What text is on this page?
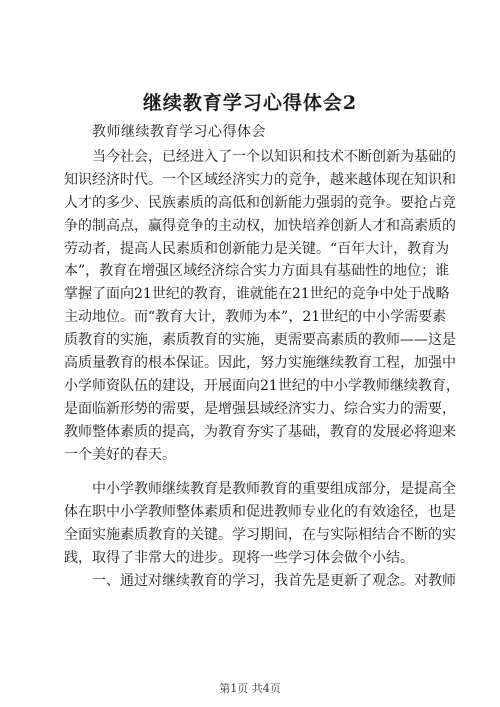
继续教育学习心得体会2
教师继续教育学习心得体会
　　当今社会，已经进入了一个以知识和技术不断创新为基础的
知识经济时代。一个区域经济实力的竞争，越来越体现在知识和
人才的多少、民族素质的高低和创新能力强弱的竞争。要抢占竞
争的制高点，赢得竞争的主动权，加快培养创新人才和高素质的
劳动者，提高人民素质和创新能力是关键。“百年大计，教育为
本”，教育在增强区域经济综合实力方面具有基础性的地位；谁
掌握了面向21世纪的教育，谁就能在21世纪的竞争中处于战略
主动地位。而“教育大计，教师为本”，21世纪的中小学需要素
质教育的实施，素质教育的实施，更需要高素质的教师——这是
高质量教育的根本保证。因此，努力实施继续教育工程，加强中
小学师资队伍的建设，开展面向21世纪的中小学教师继续教育，
是面临新形势的需要，是增强县域经济实力、综合实力的需要，
教师整体素质的提高，为教育夯实了基础，教育的发展必将迎来
一个美好的春天。
　　中小学教师继续教育是教师教育的重要组成部分，是提高全
体在职中小学教师整体素质和促进教师专业化的有效途径，也是
全面实施素质教育的关键。学习期间，在与实际相结合不断的实
践，取得了非常大的进步。现将一些学习体会做个小结。
　　一、通过对继续教育的学习，我首先是更新了观念。对教师
第1页 共4页
